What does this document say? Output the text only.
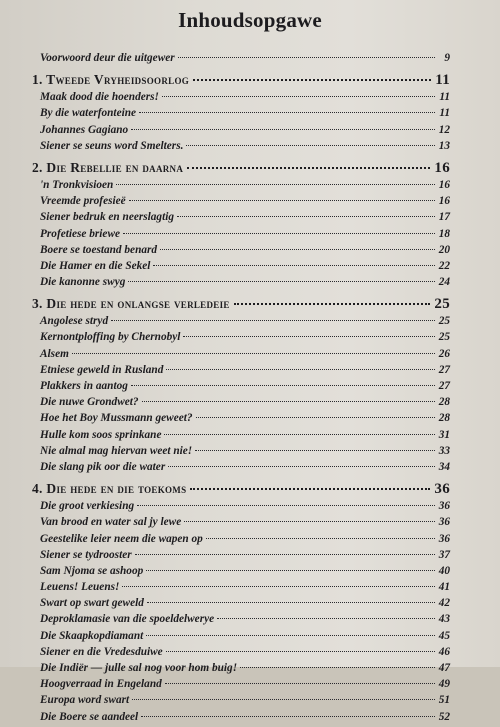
Inhoudsopgawe
Voorwoord deur die uitgewer	9
1. Tweede Vryheidsoorlog	11
Maak dood die hoenders!	11
By die waterfonteine	11
Johannes Gagiano	12
Siener se seuns word Smelters.	13
2. Die Rebellie en daarna	16
'n Tronkvisioen	16
Vreemde profesieë	16
Siener bedruk en neerslagtig	17
Profetiese briewe	18
Boere se toestand benard	20
Die Hamer en die Sekel	22
Die kanonne swyg	24
3. Die hede en onlangse verledeie	25
Angolese stryd	25
Kernontploffing by Chernobyl	25
Alsem	26
Etniese geweld in Rusland	27
Plakkers in aantog	27
Die nuwe Grondwet?	28
Hoe het Boy Mussmann geweet?	28
Hulle kom soos sprinkane	31
Nie almal mag hiervan weet nie!	33
Die slang pik oor die water	34
4. Die hede en die toekoms	36
Die groot verkiesing	36
Van brood en water sal jy lewe	36
Geestelike leier neem die wapen op	36
Siener se tydrooster	37
Sam Njoma se ashoop	40
Leuens! Leuens!	41
Swart op swart geweld	42
Deproklamasie van die spoeldelwerye	43
Die Skaapkopdiamant	45
Siener en die Vredesduiwe	46
Die Indiër — julle sal nog voor hom buig!	47
Hoogverraad in Engeland	49
Europa word swart	51
Die Boere se aandeel	52
